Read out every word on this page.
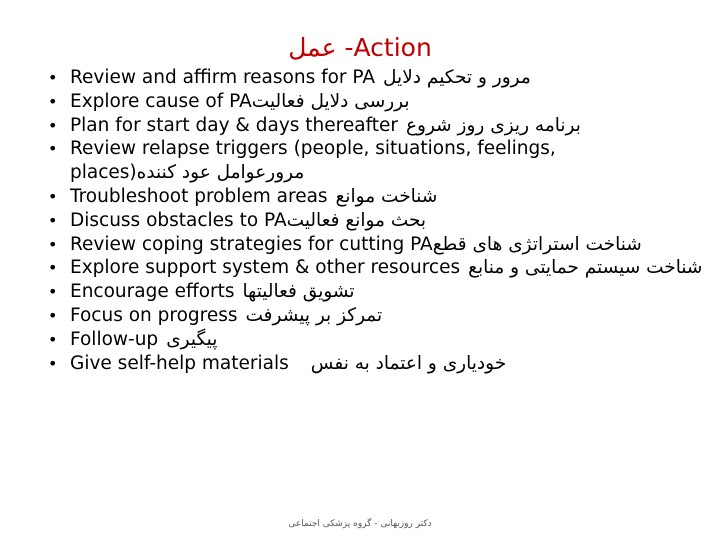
عمل -Action
• Review and affirm reasons for PA مرور و تحکیم دلایل
• Explore cause of PAبررسی دلایل فعالیت
• Plan for start day & days thereafter برنامه ریزی روز شروع
• Review relapse triggers (people, situations, feelings, places)مرورعوامل عود کننده
• Troubleshoot problem areas شناخت موانع
• Discuss obstacles to PAبحث موانع فعالیت
• Review coping strategies for cutting PAشناخت استراتژی های قطع
• Explore support system & other resources شناخت سیستم حمایتی و منابع
• Encourage efforts تشویق فعالیتها
• Focus on progress تمرکز بر پیشرفت
• Follow-up پیگیری
• Give self-help materials خودیاری و اعتماد به نفس
دکتر روزبهانی - گروه پزشکی اجتماعی
